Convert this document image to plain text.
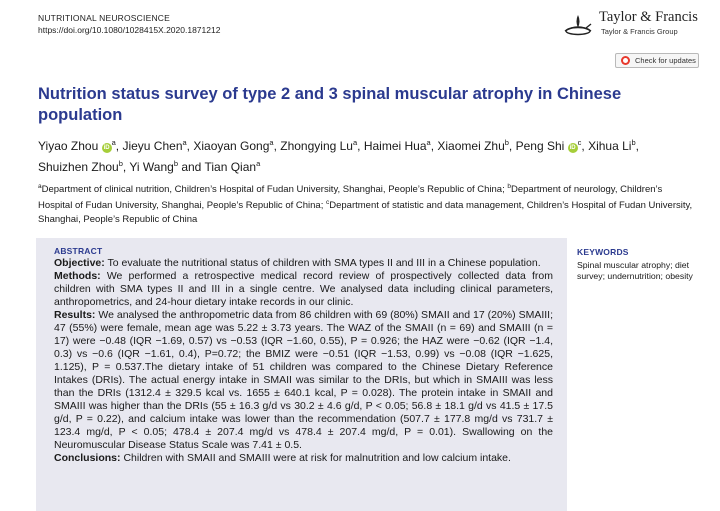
NUTRITIONAL NEUROSCIENCE
https://doi.org/10.1080/1028415X.2020.1871212
Taylor & Francis
Taylor & Francis Group
Check for updates
Nutrition status survey of type 2 and 3 spinal muscular atrophy in Chinese population
Yiyao Zhou $iD^a$, Jieyu Chen$^a$, Xiaoyan Gong$^a$, Zhongying Lu$^a$, Haimei Hua$^a$, Xiaomei Zhu$^b$, Peng Shi $iD^c$, Xihua Li$^b$, Shuizhen Zhou$^b$, Yi Wang$^b$ and Tian Qian$^a$
$^a$Department of clinical nutrition, Children’s Hospital of Fudan University, Shanghai, People’s Republic of China; $^b$Department of neurology, Children’s Hospital of Fudan University, Shanghai, People’s Republic of China; $^c$Department of statistic and data management, Children’s Hospital of Fudan University, Shanghai, People’s Republic of China
ABSTRACT

Objective: To evaluate the nutritional status of children with SMA types II and III in a Chinese population.

Methods: We performed a retrospective medical record review of prospectively collected data from children with SMA types II and III in a single centre. We analysed data including clinical parameters, anthropometrics, and 24-hour dietary intake records in our clinic.

Results: We analysed the anthropometric data from 86 children with 69 (80%) SMAII and 17 (20%) SMAIII; 47 (55%) were female, mean age was 5.22 ± 3.73 years. The WAZ of the SMAII (n = 69) and SMAIII (n = 17) were −0.48 (IQR −1.69, 0.57) vs −0.53 (IQR −1.60, 0.55), P = 0.926; the HAZ were −0.62 (IQR −1.4, 0.3) vs −0.6 (IQR −1.61, 0.4), P=0.72; the BMIZ were −0.51 (IQR −1.53, 0.99) vs −0.08 (IQR −1.625, 1.125), P = 0.537.The dietary intake of 51 children was compared to the Chinese Dietary Reference Intakes (DRIs). The actual energy intake in SMAII was similar to the DRIs, but which in SMAIII was less than the DRIs (1312.4 ± 329.5 kcal vs. 1655 ± 640.1 kcal, P = 0.028). The protein intake in SMAII and SMAIII was higher than the DRIs (55 ± 16.3 g/d vs 30.2 ± 4.6 g/d, P < 0.05; 56.8 ± 18.1 g/d vs 41.5 ± 17.5 g/d, P = 0.22), and calcium intake was lower than the recommendation (507.7 ± 177.8 mg/d vs 731.7 ± 123.4 mg/d, P < 0.05; 478.4 ± 207.4 mg/d vs 478.4 ± 207.4 mg/d, P = 0.01). Swallowing on the Neuromuscular Disease Status Scale was 7.41 ± 0.5.

Conclusions: Children with SMAII and SMAIII were at risk for malnutrition and low calcium intake.

KEYWORDS
Spinal muscular atrophy; diet survey; undernutrition; obesity
